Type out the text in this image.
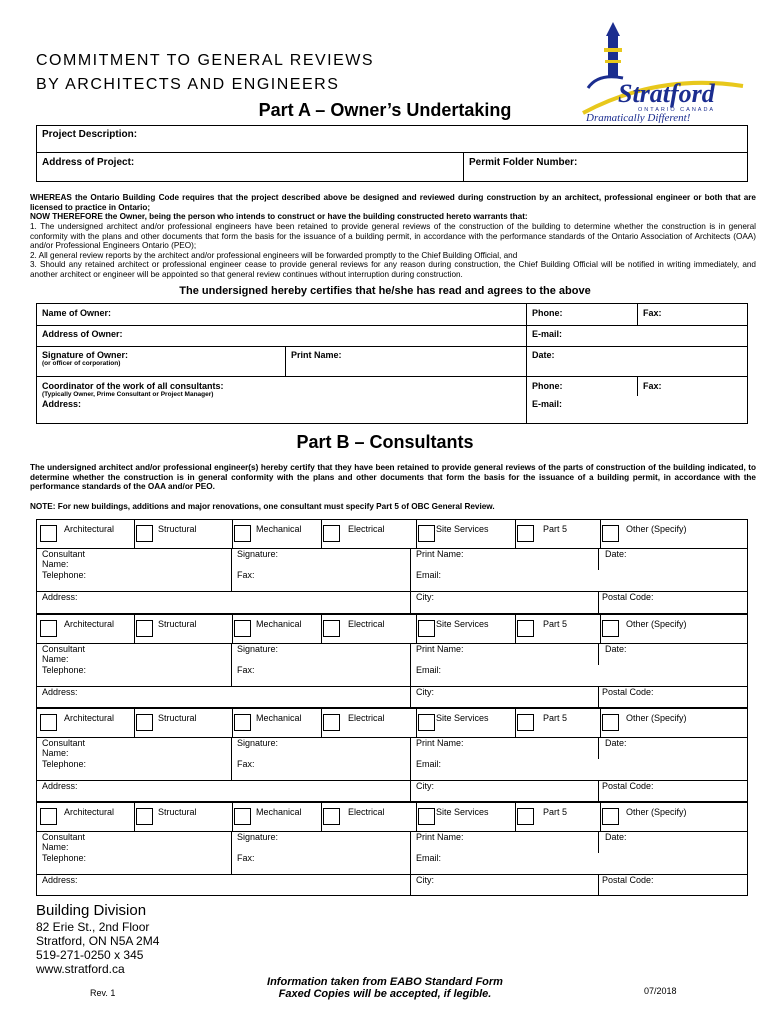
COMMITMENT TO GENERAL REVIEWS
BY ARCHITECTS AND ENGINEERS
Part A – Owner’s Undertaking
Stratford
ONTARIO CANADA
Dramatically Different!
Project Description:
Address of Project:	Permit Folder Number:
WHEREAS the Ontario Building Code requires that the project described above be designed and reviewed during construction by an architect, professional engineer or both that are licensed to practice in Ontario;
NOW THEREFORE the Owner, being the person who intends to construct or have the building constructed hereto warrants that:
1. The undersigned architect and/or professional engineers have been retained to provide general reviews of the construction of the building to determine whether the construction is in general conformity with the plans and other documents that form the basis for the issuance of a building permit, in accordance with the performance standards of the Ontario Association of Architects (OAA) and/or Professional Engineers Ontario (PEO);
2. All general review reports by the architect and/or professional engineers will be forwarded promptly to the Chief Building Official, and
3. Should any retained architect or professional engineer cease to provide general reviews for any reason during construction, the Chief Building Official will be notified in writing immediately, and another architect or engineer will be appointed so that general review continues without interruption during construction.
The undersigned hereby certifies that he/she has read and agrees to the above
Name of Owner:	Phone:	Fax:
Address of Owner:	E-mail:
Signature of Owner:
(or officer of corporation)
Print Name:	Date:
Coordinator of the work of all consultants:
(Typically Owner, Prime Consultant or Project Manager)
Address:
Phone:	Fax:
E-mail:
Part B – Consultants
The undersigned architect and/or professional engineer(s) hereby certify that they have been retained to provide general reviews of the parts of construction of the building indicated, to determine whether the construction is in general conformity with the plans and other documents that form the basis for the issuance of a building permit, in accordance with the performance standards of the OAA and/or PEO.
NOTE: For new buildings, additions and major renovations, one consultant must specify Part 5 of OBC General Review.
Architectural	Structural	Mechanical	Electrical	Site Services	Part 5	Other (Specify)
Consultant
Name:
Signature:	Print Name:	Date:
Telephone:	Fax:	Email:
Address:	City:	Postal Code:
Architectural	Structural	Mechanical	Electrical	Site Services	Part 5	Other (Specify)
Consultant
Name:
Signature:	Print Name:	Date:
Telephone:	Fax:	Email:
Address:	City:	Postal Code:
Architectural	Structural	Mechanical	Electrical	Site Services	Part 5	Other (Specify)
Consultant
Name:
Signature:	Print Name:	Date:
Telephone:	Fax:	Email:
Address:	City:	Postal Code:
Architectural	Structural	Mechanical	Electrical	Site Services	Part 5	Other (Specify)
Consultant
Name:
Signature:	Print Name:	Date:
Telephone:	Fax:	Email:
Address:	City:	Postal Code:
Building Division
82 Erie St., 2nd Floor
Stratford, ON N5A 2M4
519-271-0250 x 345
www.stratford.ca
Information taken from EABO Standard Form
Faxed Copies will be accepted, if legible.
Rev. 1	07/2018
